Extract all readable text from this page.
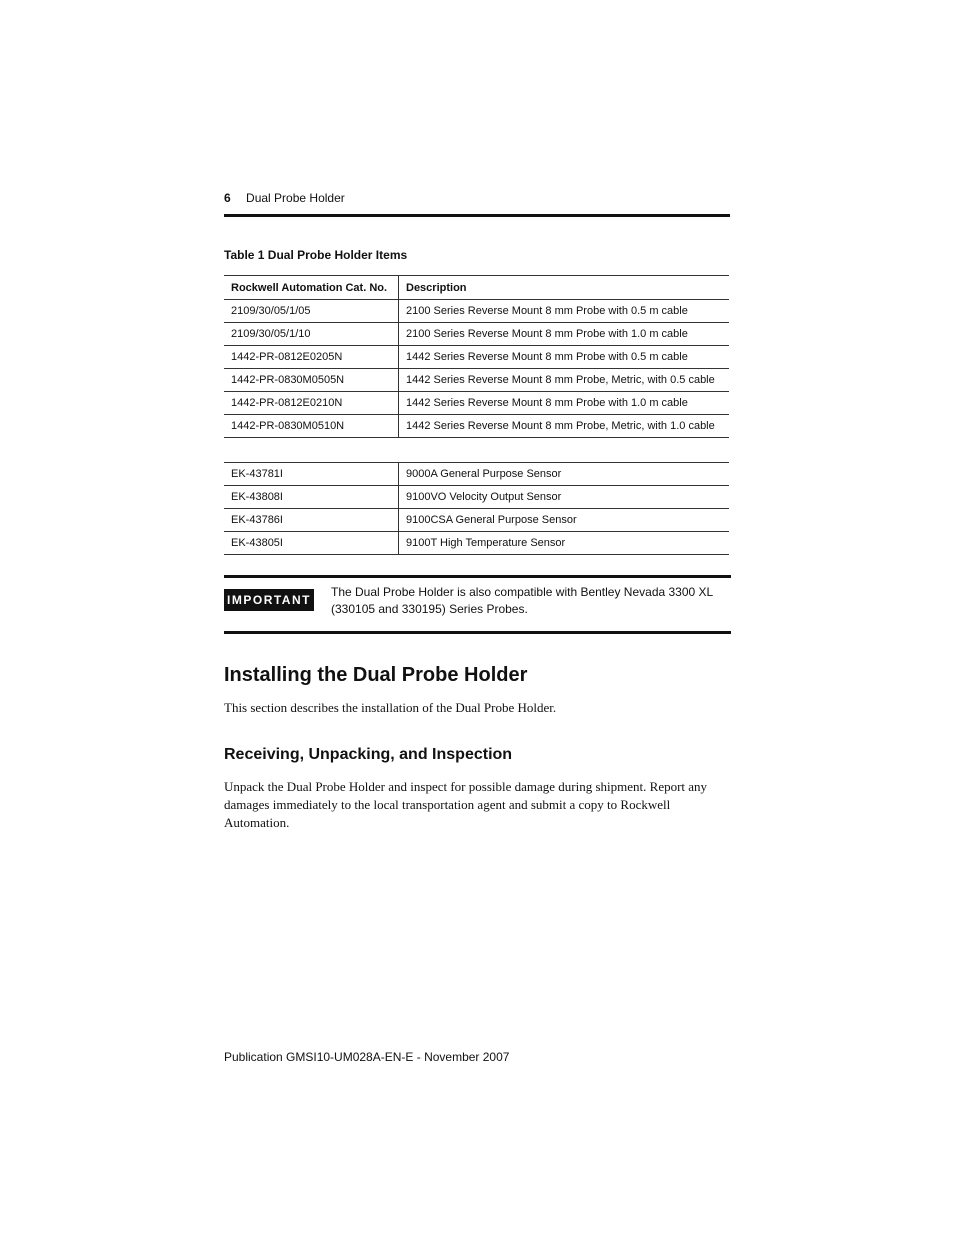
6 Dual Probe Holder
Table 1 Dual Probe Holder Items
Rockwell Automation Cat. No.	Description
2109/30/05/1/05	2100 Series Reverse Mount 8 mm Probe with 0.5 m cable
2109/30/05/1/10	2100 Series Reverse Mount 8 mm Probe with 1.0 m cable
1442-PR-0812E0205N	1442 Series Reverse Mount 8 mm Probe with 0.5 m cable
1442-PR-0830M0505N	1442 Series Reverse Mount 8 mm Probe, Metric, with 0.5 cable
1442-PR-0812E0210N	1442 Series Reverse Mount 8 mm Probe with 1.0 m cable
1442-PR-0830M0510N	1442 Series Reverse Mount 8 mm Probe, Metric, with 1.0 cable
EK-43781I	9000A General Purpose Sensor
EK-43808I	9100VO Velocity Output Sensor
EK-43786I	9100CSA General Purpose Sensor
EK-43805I	9100T High Temperature Sensor
IMPORTANT
The Dual Probe Holder is also compatible with Bentley Nevada 3300 XL (330105 and 330195) Series Probes.
Installing the Dual Probe Holder
This section describes the installation of the Dual Probe Holder.
Receiving, Unpacking, and Inspection
Unpack the Dual Probe Holder and inspect for possible damage during shipment. Report any damages immediately to the local transportation agent and submit a copy to Rockwell Automation.
Publication GMSI10-UM028A-EN-E - November 2007
